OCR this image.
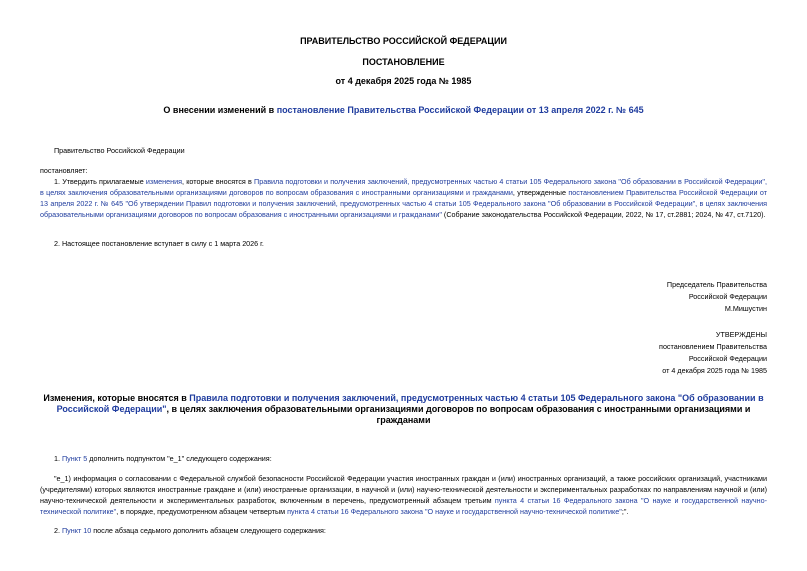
ПРАВИТЕЛЬСТВО РОССИЙСКОЙ ФЕДЕРАЦИИ
ПОСТАНОВЛЕНИЕ
от 4 декабря 2025 года № 1985
О внесении изменений в постановление Правительства Российской Федерации от 13 апреля 2022 г. № 645
Правительство Российской Федерации
постановляет:
1. Утвердить прилагаемые изменения, которые вносятся в Правила подготовки и получения заключений, предусмотренных частью 4 статьи 105 Федерального закона "Об образовании в Российской Федерации", в целях заключения образовательными организациями договоров по вопросам образования с иностранными организациями и гражданами, утвержденные постановлением Правительства Российской Федерации от 13 апреля 2022 г. № 645 "Об утверждении Правил подготовки и получения заключений, предусмотренных частью 4 статьи 105 Федерального закона "Об образовании в Российской Федерации", в целях заключения образовательными организациями договоров по вопросам образования с иностранными организациями и гражданами" (Собрание законодательства Российской Федерации, 2022, № 17, ст.2881; 2024, № 47, ст.7120).
2. Настоящее постановление вступает в силу с 1 марта 2026 г.
Председатель Правительства
Российской Федерации
М.Мишустин
УТВЕРЖДЕНЫ
постановлением Правительства
Российской Федерации
от 4 декабря 2025 года № 1985
Изменения, которые вносятся в Правила подготовки и получения заключений, предусмотренных частью 4 статьи 105 Федерального закона "Об образовании в Российской Федерации", в целях заключения образовательными организациями договоров по вопросам образования с иностранными организациями и гражданами
1. Пункт 5 дополнить подпунктом "е_1" следующего содержания:
"е_1) информация о согласовании с Федеральной службой безопасности Российской Федерации участия иностранных граждан и (или) иностранных организаций, а также российских организаций, участниками (учредителями) которых являются иностранные граждане и (или) иностранные организации, в научной и (или) научно-технической деятельности и экспериментальных разработках по направлениям научной и (или) научно-технической деятельности и экспериментальных разработок, включенным в перечень, предусмотренный абзацем третьим пункта 4 статьи 16 Федерального закона "О науке и государственной научно-технической политике", в порядке, предусмотренном абзацем четвертым пункта 4 статьи 16 Федерального закона "О науке и государственной научно-технической политике";".
2. Пункт 10 после абзаца седьмого дополнить абзацем следующего содержания:
